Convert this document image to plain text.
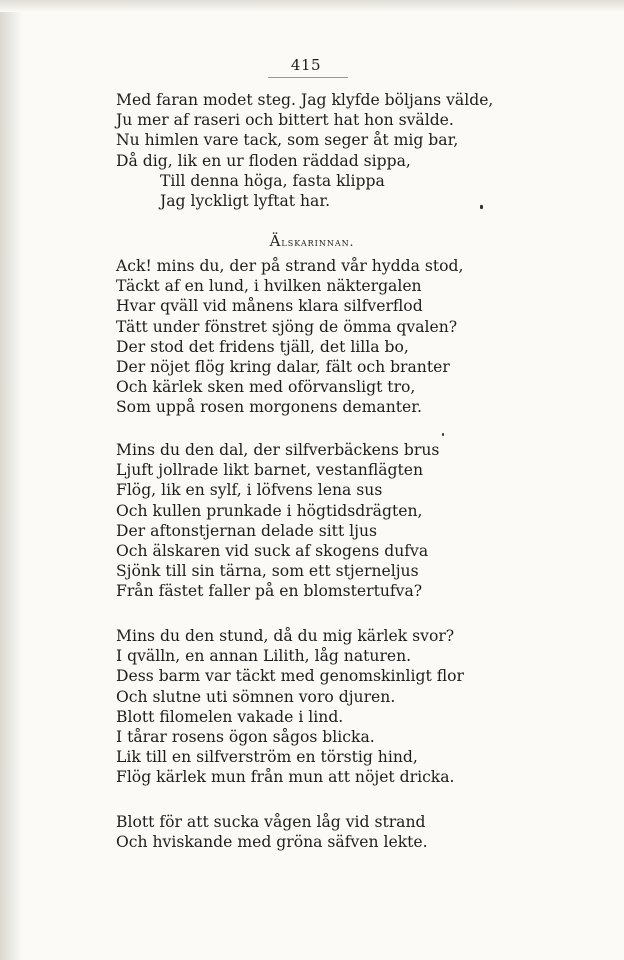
415
Med faran modet steg. Jag klyfde böljans välde,
Ju mer af raseri och bittert hat hon svälde.
Nu himlen vare tack, som seger åt mig bar,
Då dig, lik en ur floden räddad sippa,
Till denna höga, fasta klippa
Jag lyckligt lyftat har.
Älskarinnan.
Ack! mins du, der på strand vår hydda stod,
Täckt af en lund, i hvilken näktergalen
Hvar qväll vid månens klara silfverflod
Tätt under fönstret sjöng de ömma qvalen?
Der stod det fridens tjäll, det lilla bo,
Der nöjet flög kring dalar, fält och branter
Och kärlek sken med oförvansligt tro,
Som uppå rosen morgonens demanter.
Mins du den dal, der silfverbäckens brus
Ljuft jollrade likt barnet, vestanflägten
Flög, lik en sylf, i löfvens lena sus
Och kullen prunkade i högtidsdrägten,
Der aftonstjernan delade sitt ljus
Och älskaren vid suck af skogens dufva
Sjönk till sin tärna, som ett stjerneljus
Från fästet faller på en blomstertufva?
Mins du den stund, då du mig kärlek svor?
I qvälln, en annan Lilith, låg naturen.
Dess barm var täckt med genomskinligt flor
Och slutne uti sömnen voro djuren.
Blott filomelen vakade i lind.
I tårar rosens ögon sågos blicka.
Lik till en silfverström en törstig hind,
Flög kärlek mun från mun att nöjet dricka.
Blott för att sucka vågen låg vid strand
Och hviskande med gröna säfven lekte.
